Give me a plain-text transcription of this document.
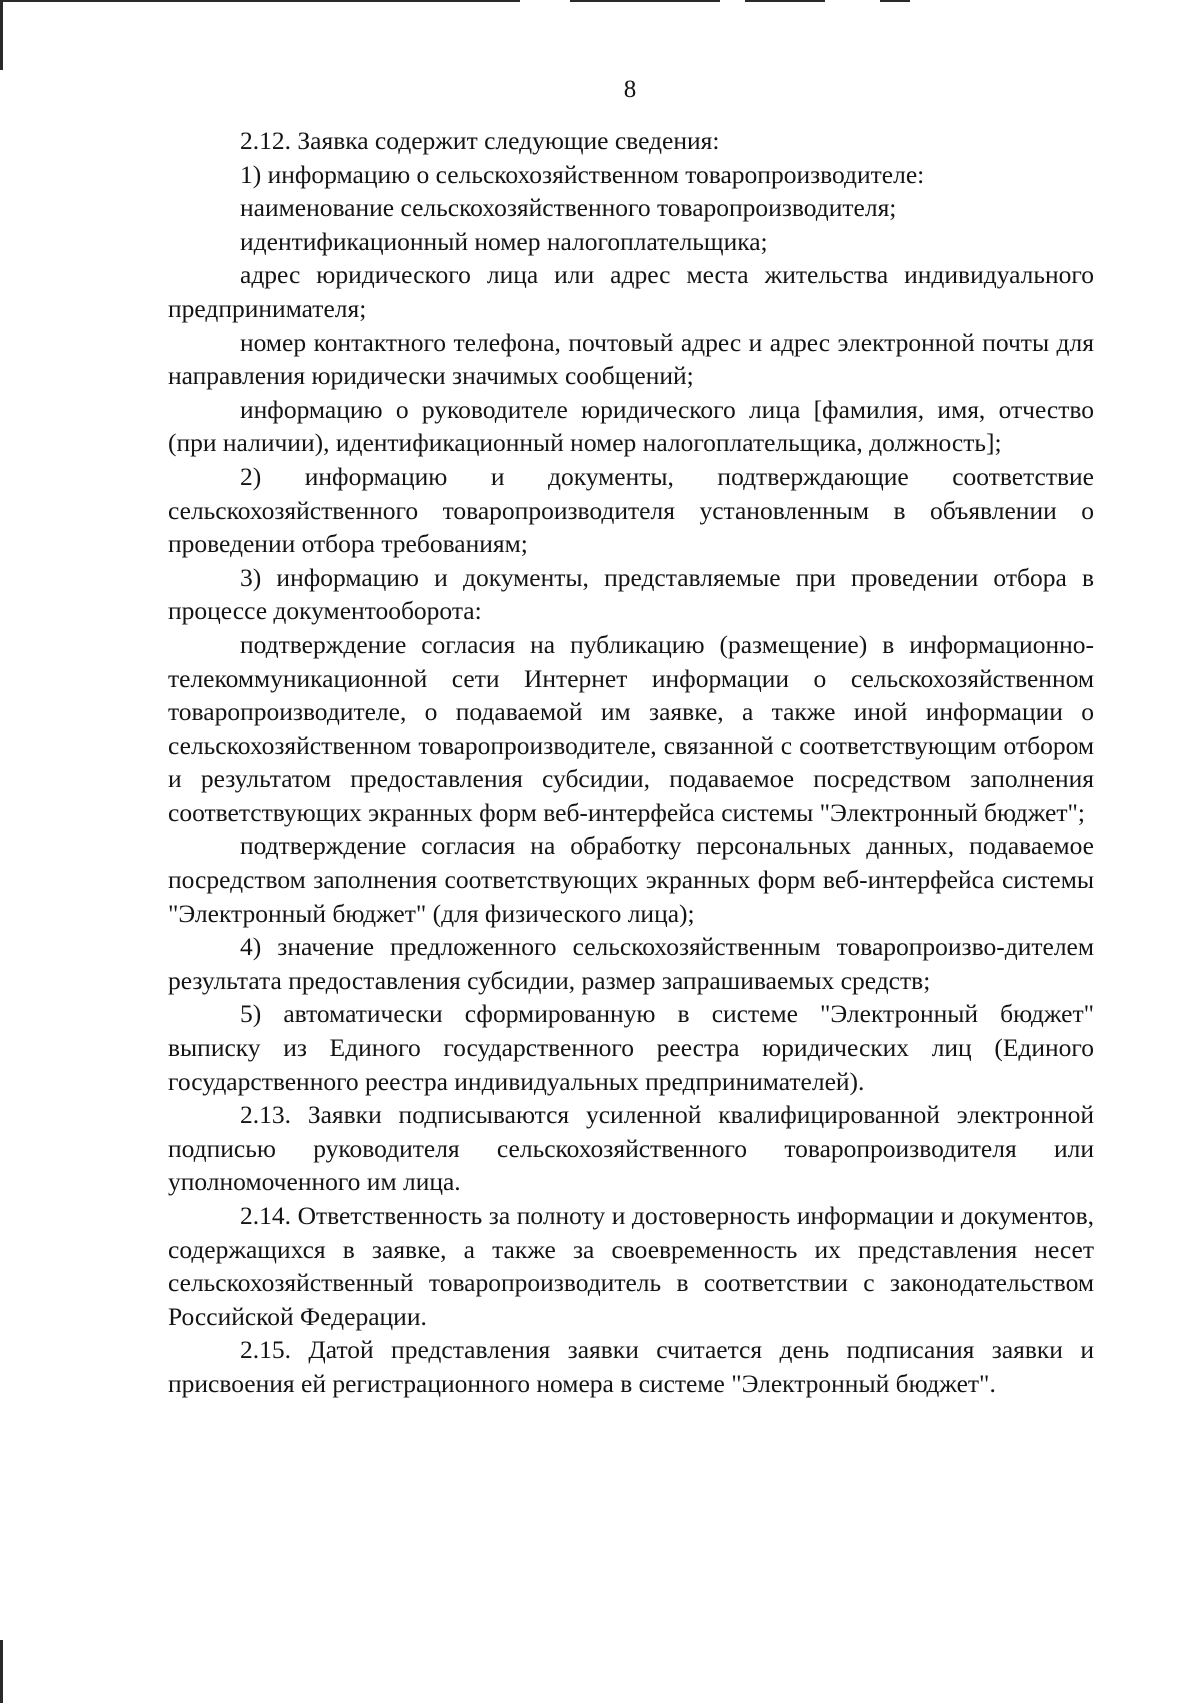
8

2.12. Заявка содержит следующие сведения:

1) информацию о сельскохозяйственном товаропроизводителе:

наименование сельскохозяйственного товаропроизводителя;

идентификационный номер налогоплательщика;

адрес юридического лица или адрес места жительства индивидуального предпринимателя;

номер контактного телефона, почтовый адрес и адрес электронной почты для направления юридически значимых сообщений;

информацию о руководителе юридического лица [фамилия, имя, отчество (при наличии), идентификационный номер налогоплательщика, должность];

2) информацию и документы, подтверждающие соответствие сельскохозяйственного товаропроизводителя установленным в объявлении о проведении отбора требованиям;

3) информацию и документы, представляемые при проведении отбора в процессе документооборота:

подтверждение согласия на публикацию (размещение) в информационно-телекоммуникационной сети Интернет информации о сельскохозяйственном товаропроизводителе, о подаваемой им заявке, а также иной информации о сельскохозяйственном товаропроизводителе, связанной с соответствующим отбором и результатом предоставления субсидии, подаваемое посредством заполнения соответствующих экранных форм веб-интерфейса системы "Электронный бюджет";

подтверждение согласия на обработку персональных данных, подаваемое посредством заполнения соответствующих экранных форм веб-интерфейса системы "Электронный бюджет" (для физического лица);

4) значение предложенного сельскохозяйственным товаропроизво-дителем результата предоставления субсидии, размер запрашиваемых средств;

5) автоматически сформированную в системе "Электронный бюджет" выписку из Единого государственного реестра юридических лиц (Единого государственного реестра индивидуальных предпринимателей).

2.13. Заявки подписываются усиленной квалифицированной электронной подписью руководителя сельскохозяйственного товаропроизводителя или уполномоченного им лица.

2.14. Ответственность за полноту и достоверность информации и документов, содержащихся в заявке, а также за своевременность их представления несет сельскохозяйственный товаропроизводитель в соответствии с законодательством Российской Федерации.

2.15. Датой представления заявки считается день подписания заявки и присвоения ей регистрационного номера в системе "Электронный бюджет".
